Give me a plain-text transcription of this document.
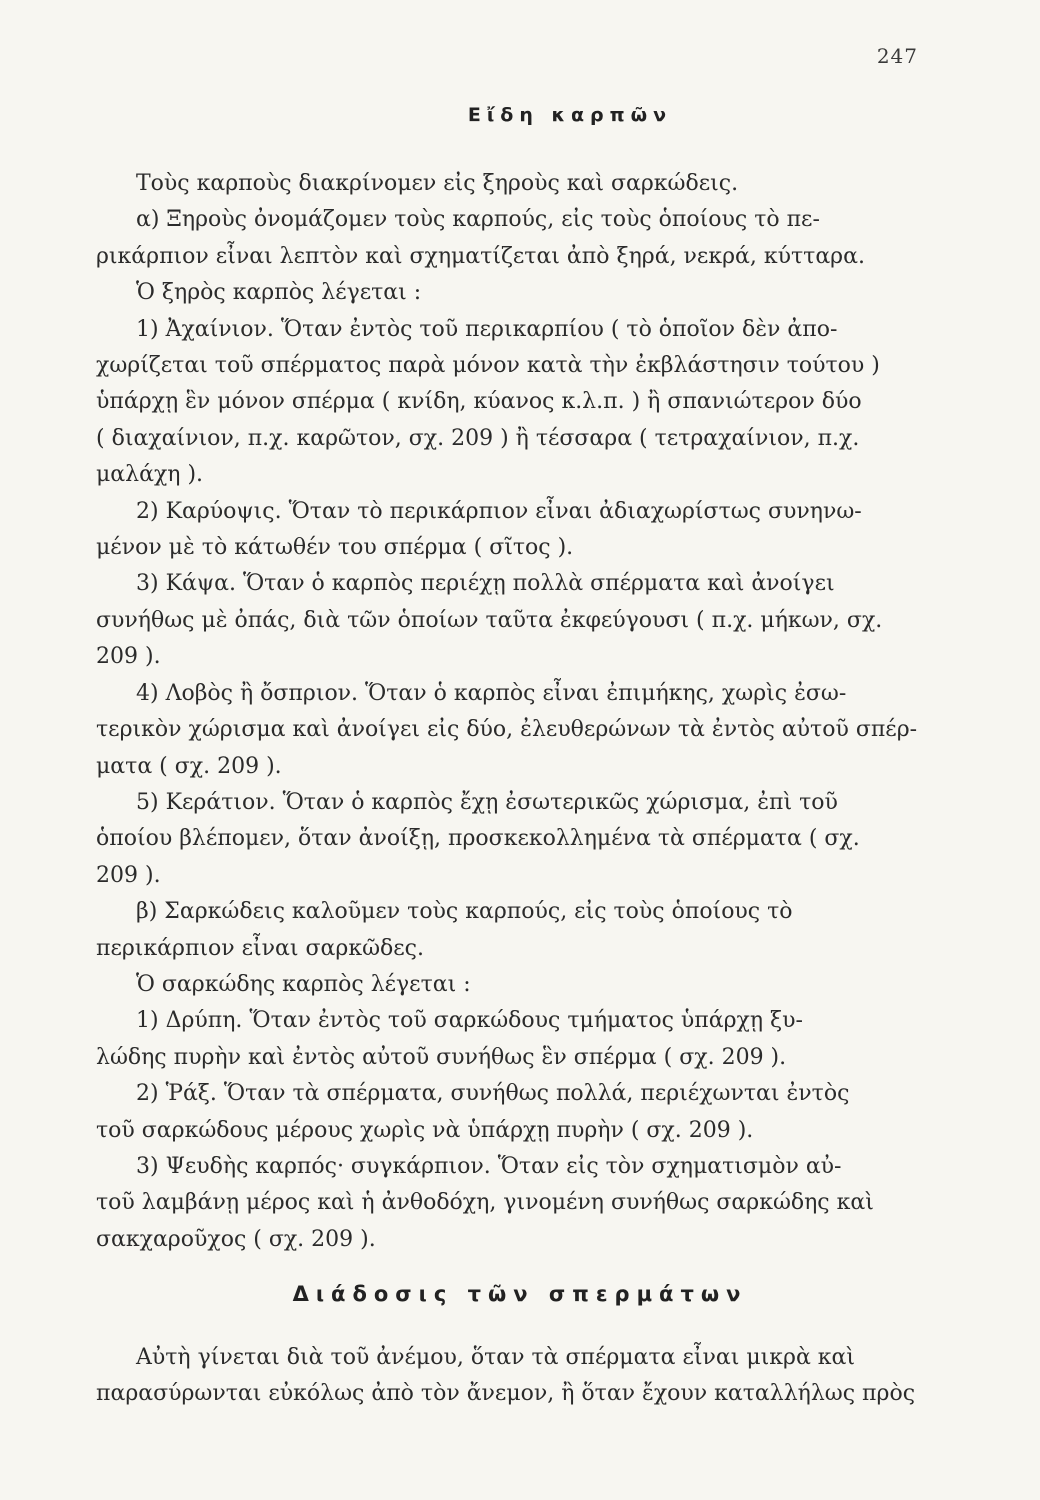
247
Εἴδη καρπῶν
Τοὺς καρποὺς διακρίνομεν εἰς ξηροὺς καὶ σαρκώδεις.
α) Ξηροὺς ὀνομάζομεν τοὺς καρπούς, εἰς τοὺς ὁποίους τὸ πε-
ρικάρπιον εἶναι λεπτὸν καὶ σχηματίζεται ἀπὸ ξηρά, νεκρά, κύτταρα.
Ὁ ξηρὸς καρπὸς λέγεται :
1) Ἀχαίνιον. Ὅταν ἐντὸς τοῦ περικαρπίου ( τὸ ὁποῖον δὲν ἀπο-
χωρίζεται τοῦ σπέρματος παρὰ μόνον κατὰ τὴν ἐκβλάστησιν τούτου )
ὑπάρχῃ ἓν μόνον σπέρμα ( κνίδη, κύανος κ.λ.π. ) ἢ σπανιώτερον δύο
( διαχαίνιον, π.χ. καρῶτον, σχ. 209 ) ἢ τέσσαρα ( τετραχαίνιον, π.χ.
μαλάχη ).
2) Καρύοψις. Ὅταν τὸ περικάρπιον εἶναι ἀδιαχωρίστως συνηνω-
μένον μὲ τὸ κάτωθέν του σπέρμα ( σῖτος ).
3) Κάψα. Ὅταν ὁ καρπὸς περιέχῃ πολλὰ σπέρματα καὶ ἀνοίγει
συνήθως μὲ ὀπάς, διὰ τῶν ὁποίων ταῦτα ἐκφεύγουσι ( π.χ. μήκων, σχ.
209 ).
4) Λοβὸς ἢ ὄσπριον. Ὅταν ὁ καρπὸς εἶναι ἐπιμήκης, χωρὶς ἐσω-
τερικὸν χώρισμα καὶ ἀνοίγει εἰς δύο, ἐλευθερώνων τὰ ἐντὸς αὐτοῦ σπέρ-
ματα ( σχ. 209 ).
5) Κεράτιον. Ὅταν ὁ καρπὸς ἔχῃ ἐσωτερικῶς χώρισμα, ἐπὶ τοῦ
ὁποίου βλέπομεν, ὅταν ἀνοίξῃ, προσκεκολλημένα τὰ σπέρματα ( σχ.
209 ).
β) Σαρκώδεις καλοῦμεν τοὺς καρπούς, εἰς τοὺς ὁποίους τὸ
περικάρπιον εἶναι σαρκῶδες.
Ὁ σαρκώδης καρπὸς λέγεται :
1) Δρύπη. Ὅταν ἐντὸς τοῦ σαρκώδους τμήματος ὑπάρχῃ ξυ-
λώδης πυρὴν καὶ ἐντὸς αὐτοῦ συνήθως ἓν σπέρμα ( σχ. 209 ).
2) Ῥάξ. Ὅταν τὰ σπέρματα, συνήθως πολλά, περιέχωνται ἐντὸς
τοῦ σαρκώδους μέρους χωρὶς νὰ ὑπάρχῃ πυρὴν ( σχ. 209 ).
3) Ψευδὴς καρπός· συγκάρπιον. Ὅταν εἰς τὸν σχηματισμὸν αὐ-
τοῦ λαμβάνῃ μέρος καὶ ἡ ἀνθοδόχη, γινομένη συνήθως σαρκώδης καὶ
σακχαροῦχος ( σχ. 209 ).
Διάδοσις τῶν σπερμάτων
Αὐτὴ γίνεται διὰ τοῦ ἀνέμου, ὅταν τὰ σπέρματα εἶναι μικρὰ καὶ
παρασύρωνται εὐκόλως ἀπὸ τὸν ἄνεμον, ἢ ὅταν ἔχουν καταλλήλως πρὸς
